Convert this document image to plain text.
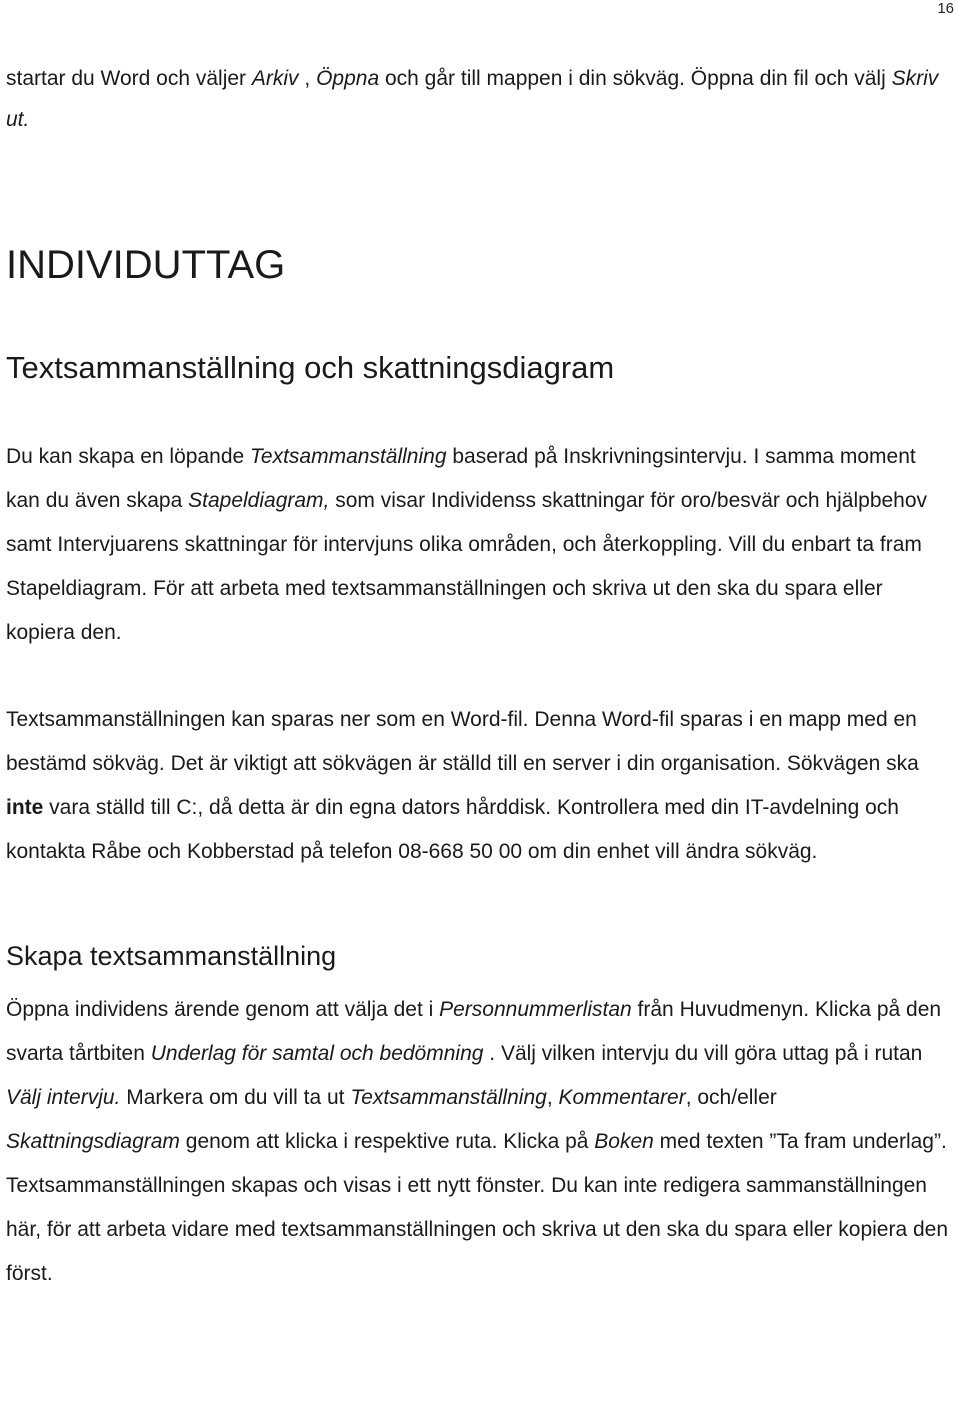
16

startar du Word och väljer Arkiv , Öppna och går till mappen i din sökväg. Öppna din fil och välj Skriv ut.

INDIVIDUTTAG
Textsammanställning och skattningsdiagram

Du kan skapa en löpande Textsammanställning baserad på Inskrivningsintervju. I samma moment kan du även skapa Stapeldiagram, som visar Individenss skattningar för oro/besvär och hjälpbehov samt Intervjuarens skattningar för intervjuns olika områden, och återkoppling. Vill du enbart ta fram Stapeldiagram. För att arbeta med textsammanställningen och skriva ut den ska du spara eller kopiera den.

Textsammanställningen kan sparas ner som en Word-fil. Denna Word-fil sparas i en mapp med en bestämd sökväg. Det är viktigt att sökvägen är ställd till en server i din organisation. Sökvägen ska inte vara ställd till C:, då detta är din egna dators hårddisk. Kontrollera med din IT-avdelning och kontakta Råbe och Kobberstad på telefon 08-668 50 00 om din enhet vill ändra sökväg.

Skapa textsammanställning

Öppna individens ärende genom att välja det i Personnummerlistan från Huvudmenyn. Klicka på den svarta tårtbiten Underlag för samtal och bedömning . Välj vilken intervju du vill göra uttag på i rutan Välj intervju. Markera om du vill ta ut Textsammanställning, Kommentarer, och/eller Skattningsdiagram genom att klicka i respektive ruta. Klicka på Boken med texten ”Ta fram underlag”. Textsammanställningen skapas och visas i ett nytt fönster. Du kan inte redigera sammanställningen här, för att arbeta vidare med textsammanställningen och skriva ut den ska du spara eller kopiera den först.
